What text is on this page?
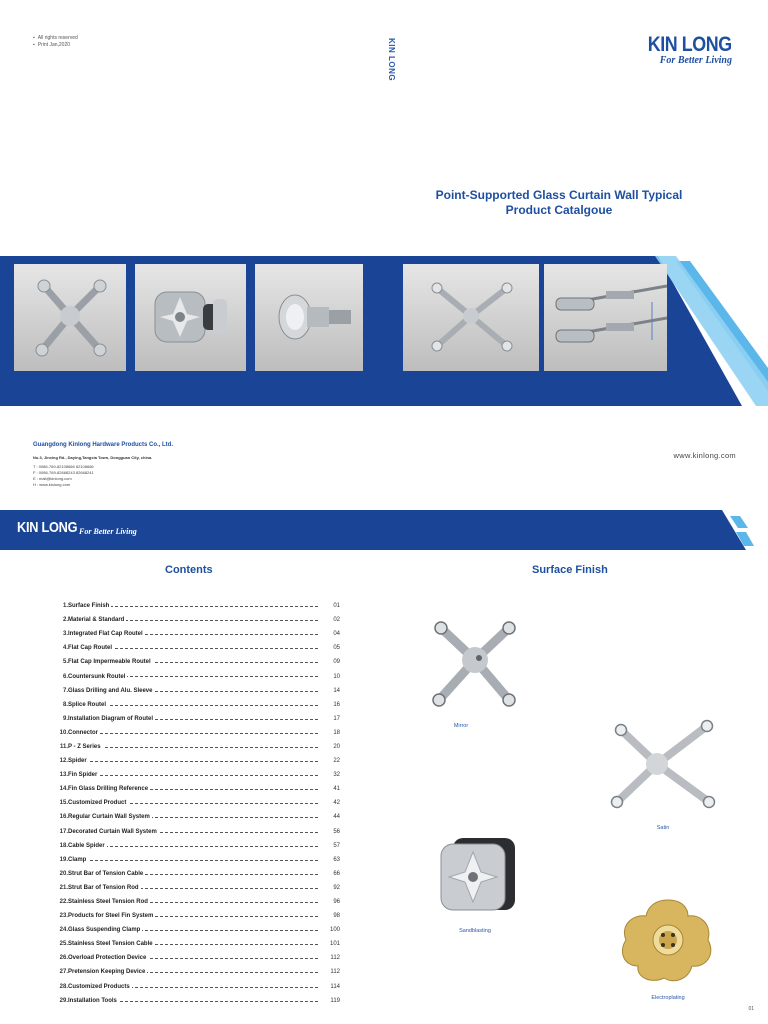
▪ All rights reserved
▪ Print Jan,2020	KIN LONG	KIN LONG
For Better Living
Point-Supported Glass Curtain Wall Typical
Product Catalgoue
Guangdong Kinlong Hardware Products Co., Ltd.
No.3, Jinxing Rd., Daying,Tangxia Town, Dongguan City, china.
T : 0086-769-82108666 82108666
F : 0086-769-82668243 82668241
E : mail@kinlong.com
H : www.kinlong.com
www.kinlong.com
KIN LONG For Better Living
Contents	Surface Finish
1. Surface Finish	01
2. Material & Standard	02
3. Integrated Flat Cap Routel	04
4. Flat Cap Routel	05
5. Flat Cap Impermeable Routel	09
6. Countersunk Routel	10
7. Glass Drilling and Alu. Sleeve	14
8. Splice Routel	16
9. Installation Diagram of Routel	17
10. Connector	18
11. P - Z Series	20
12. Spider	22
13. Fin Spider	32
14. Fin Glass Drilling Reference	41
15. Customized Product	42
16. Regular Curtain Wall System	44
17. Decorated Curtain Wall System	56
18. Cable Spider	57
19. Clamp	63
20. Strut Bar of Tension Cable	66
21. Strut Bar of Tension Rod	92
22. Stainless Steel Tension Rod	96
23. Products for Steel Fin System	98
24. Glass Suspending Clamp	100
25. Stainless Steel Tension Cable	101
26. Overload Protection Device	112
27. Pretension Keeping Device	112
28. Customized Products	114
29. Installation Tools	119
Mirror
Satin
Sandblasting
Electroplating
01
